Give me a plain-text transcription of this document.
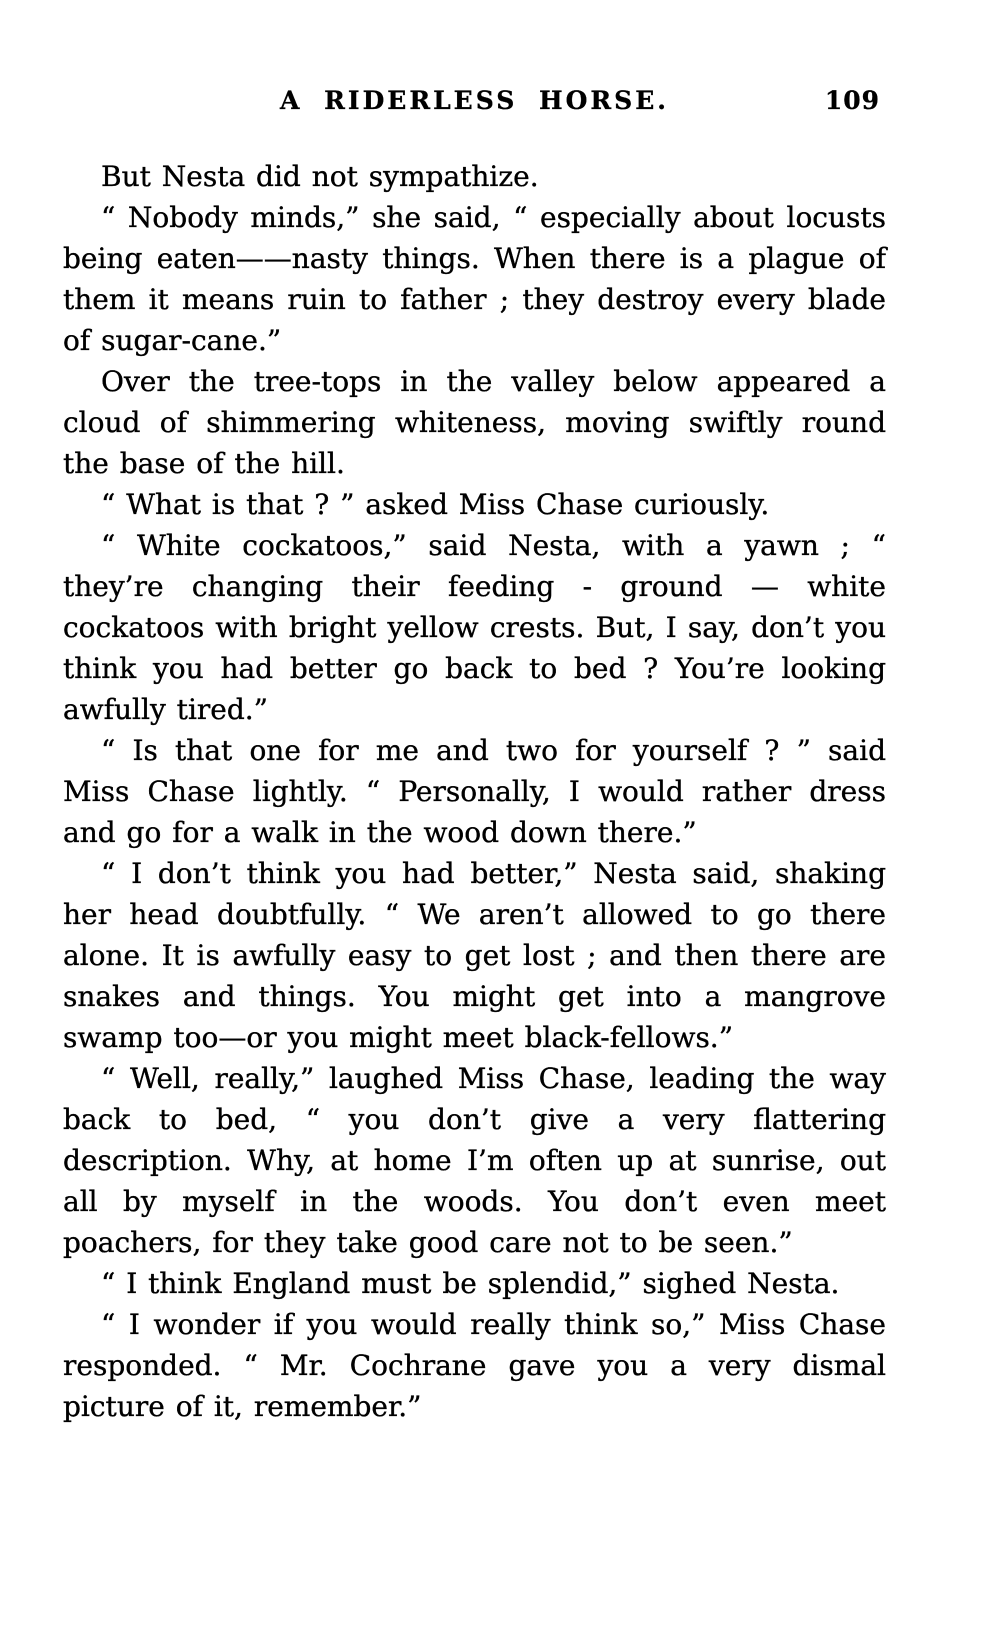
A RIDERLESS HORSE.	109

But Nesta did not sympathize.

“ Nobody minds,” she said, “ especially about locusts being eaten——nasty things. When there is a plague of them it means ruin to father ; they destroy every blade of sugar-cane.”

Over the tree-tops in the valley below appeared a cloud of shimmering whiteness, moving swiftly round the base of the hill.

“ What is that ? ” asked Miss Chase curiously.

“ White cockatoos,” said Nesta, with a yawn ; “ they’re changing their feeding - ground — white cockatoos with bright yellow crests. But, I say, don’t you think you had better go back to bed ? You’re looking awfully tired.”

“ Is that one for me and two for yourself ? ” said Miss Chase lightly. “ Personally, I would rather dress and go for a walk in the wood down there.”

“ I don’t think you had better,” Nesta said, shaking her head doubtfully. “ We aren’t allowed to go there alone. It is awfully easy to get lost ; and then there are snakes and things. You might get into a mangrove swamp too—or you might meet black-fellows.”

“ Well, really,” laughed Miss Chase, leading the way back to bed, “ you don’t give a very flattering description. Why, at home I’m often up at sunrise, out all by myself in the woods. You don’t even meet poachers, for they take good care not to be seen.”

“ I think England must be splendid,” sighed Nesta.

“ I wonder if you would really think so,” Miss Chase responded. “ Mr. Cochrane gave you a very dismal picture of it, remember.”
